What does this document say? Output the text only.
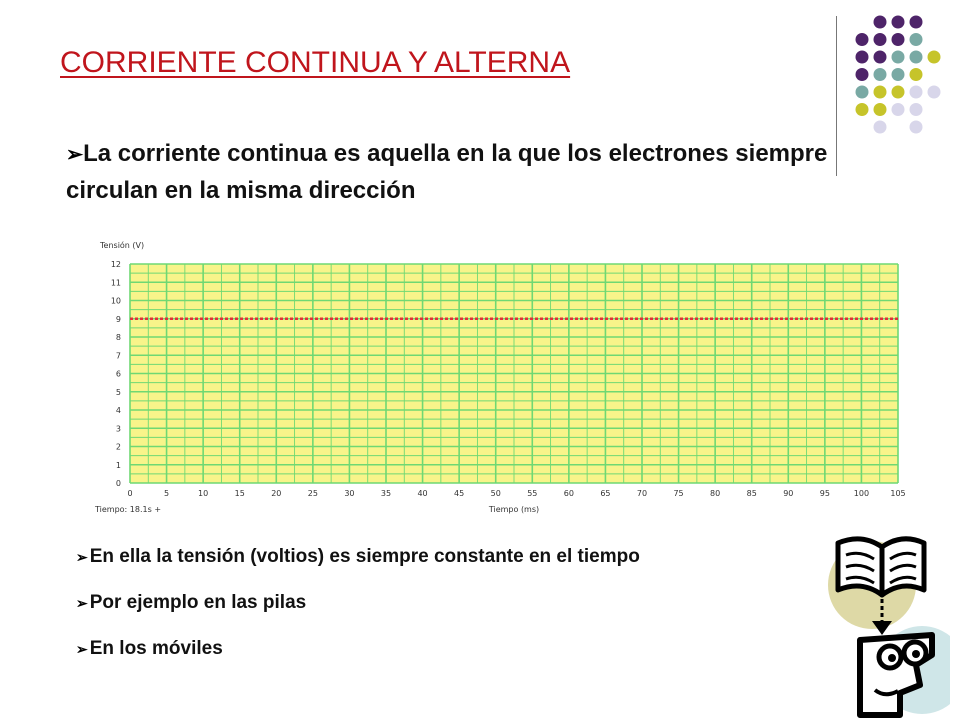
CORRIENTE CONTINUA Y ALTERNA
➢La corriente continua es aquella en la que los electrones siempre circulan en la misma dirección
0	5	10	15	20	25	30	35	40	45	50	55	60	65	70	75	80	85	90	95	100	105
0
1
2
3
4
5
6
7
8
9
10
11
12
Tensión (V)
Tiempo (ms)
Tiempo: 18.1s +
➢ En ella la tensión (voltios) es siempre constante en el tiempo
➢ Por ejemplo en las pilas
➢ En los móviles
